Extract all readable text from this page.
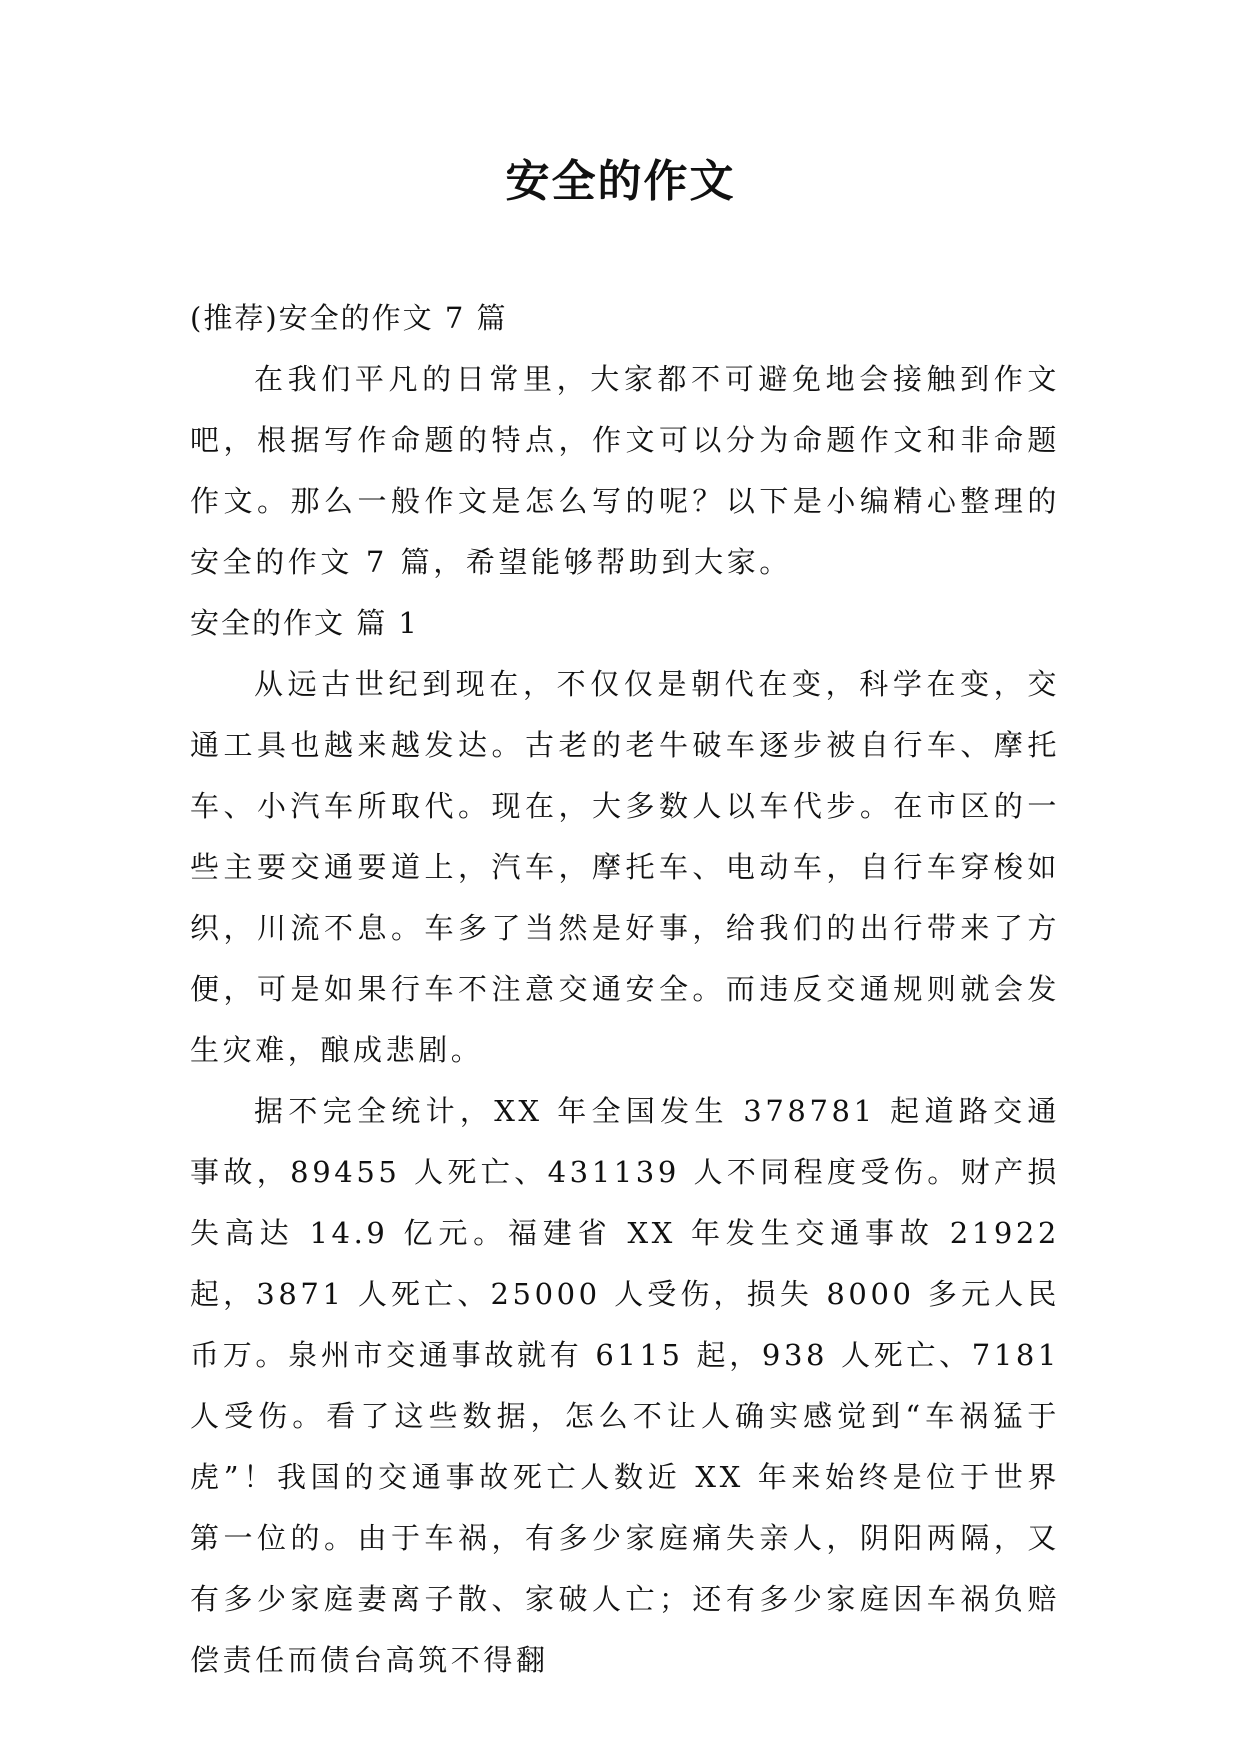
安全的作文

(推荐)安全的作文 7 篇

在我们平凡的日常里，大家都不可避免地会接触到作文吧，根据写作命题的特点，作文可以分为命题作文和非命题作文。那么一般作文是怎么写的呢？以下是小编精心整理的安全的作文 7 篇，希望能够帮助到大家。

安全的作文 篇 1

从远古世纪到现在，不仅仅是朝代在变，科学在变，交通工具也越来越发达。古老的老牛破车逐步被自行车、摩托车、小汽车所取代。现在，大多数人以车代步。在市区的一些主要交通要道上，汽车，摩托车、电动车，自行车穿梭如织，川流不息。车多了当然是好事，给我们的出行带来了方便，可是如果行车不注意交通安全。而违反交通规则就会发生灾难，酿成悲剧。

据不完全统计，XX 年全国发生 378781 起道路交通事故，89455 人死亡、431139 人不同程度受伤。财产损失高达 14.9 亿元。福建省 XX 年发生交通事故 21922 起，3871 人死亡、25000 人受伤，损失 8000 多元人民币万。泉州市交通事故就有 6115 起，938 人死亡、7181 人受伤。看了这些数据，怎么不让人确实感觉到“车祸猛于虎”！我国的交通事故死亡人数近 XX 年来始终是位于世界第一位的。由于车祸，有多少家庭痛失亲人，阴阳两隔，又有多少家庭妻离子散、家破人亡；还有多少家庭因车祸负赔偿责任而债台高筑不得翻
